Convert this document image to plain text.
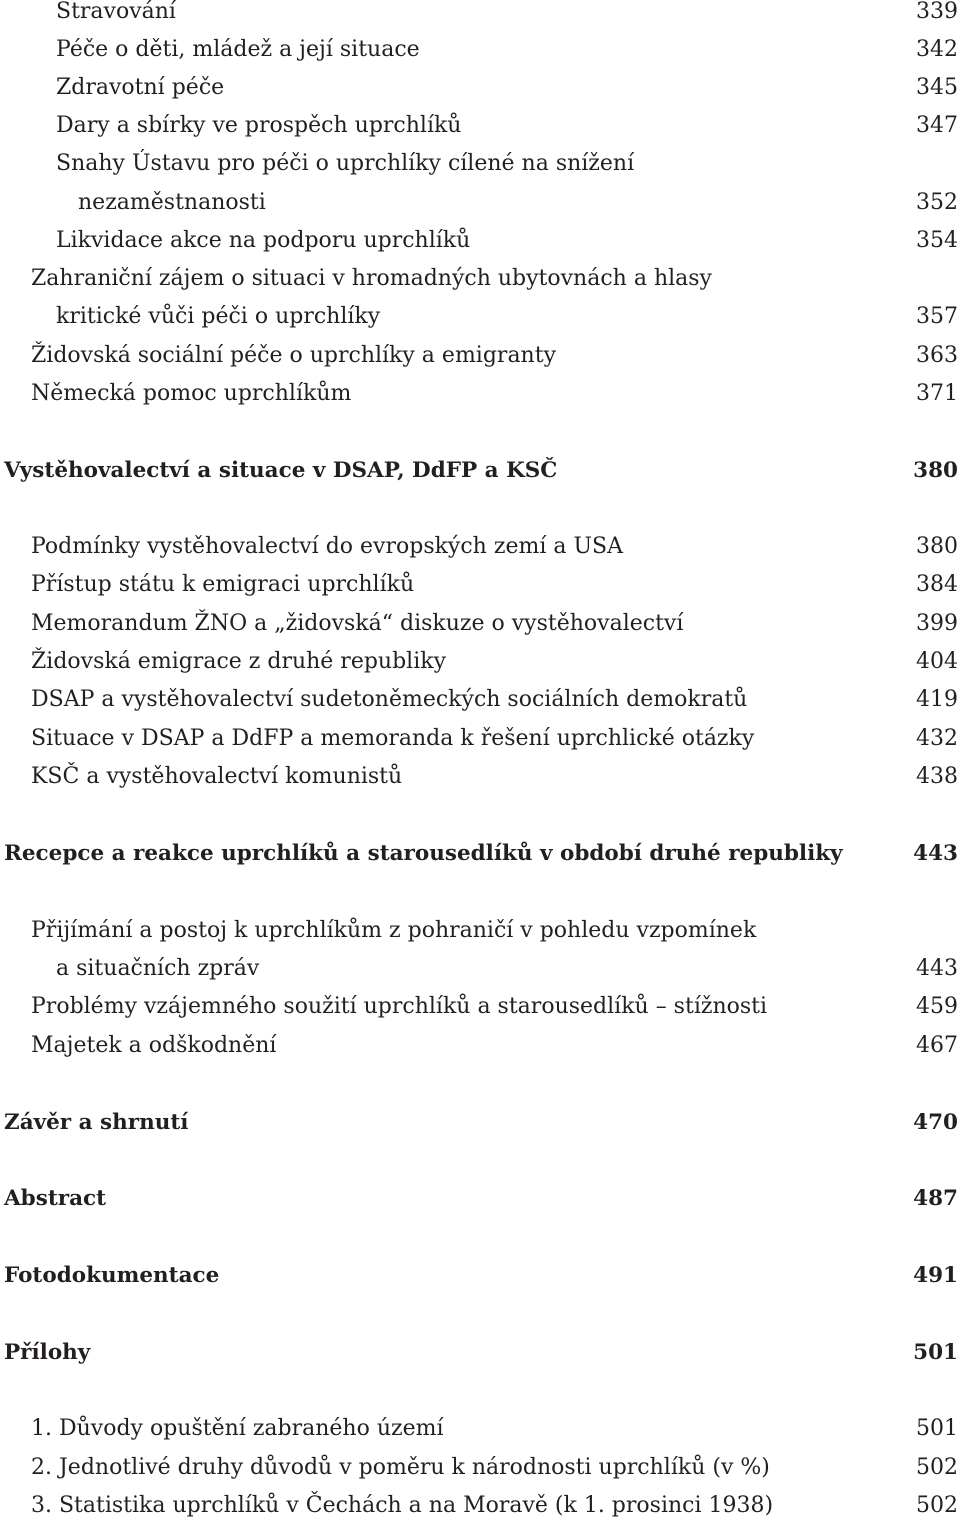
Stravování	339
Péče o děti, mládež a její situace	342
Zdravotní péče	345
Dary a sbírky ve prospěch uprchlíků	347
Snahy Ústavu pro péči o uprchlíky cílené na snížení
nezaměstnanosti	352
Likvidace akce na podporu uprchlíků	354
Zahraniční zájem o situaci v hromadných ubytovnách a hlasy
kritické vůči péči o uprchlíky	357
Židovská sociální péče o uprchlíky a emigranty	363
Německá pomoc uprchlíkům	371
Vystěhovalectví a situace v DSAP, DdFP a KSČ	380
Podmínky vystěhovalectví do evropských zemí a USA	380
Přístup státu k emigraci uprchlíků	384
Memorandum ŽNO a „židovská“ diskuze o vystěhovalectví	399
Židovská emigrace z druhé republiky	404
DSAP a vystěhovalectví sudetoněmeckých sociálních demokratů	419
Situace v DSAP a DdFP a memoranda k řešení uprchlické otázky	432
KSČ a vystěhovalectví komunistů	438
Recepce a reakce uprchlíků a starousedlíků v období druhé republiky	443
Přijímání a postoj k uprchlíkům z pohraničí v pohledu vzpomínek
a situačních zpráv	443
Problémy vzájemného soužití uprchlíků a starousedlíků – stížnosti	459
Majetek a odškodnění	467
Závěr a shrnutí	470
Abstract	487
Fotodokumentace	491
Přílohy	501
1. Důvody opuštění zabraného území	501
2. Jednotlivé druhy důvodů v poměru k národnosti uprchlíků (v %)	502
3. Statistika uprchlíků v Čechách a na Moravě (k 1. prosinci 1938)	502
